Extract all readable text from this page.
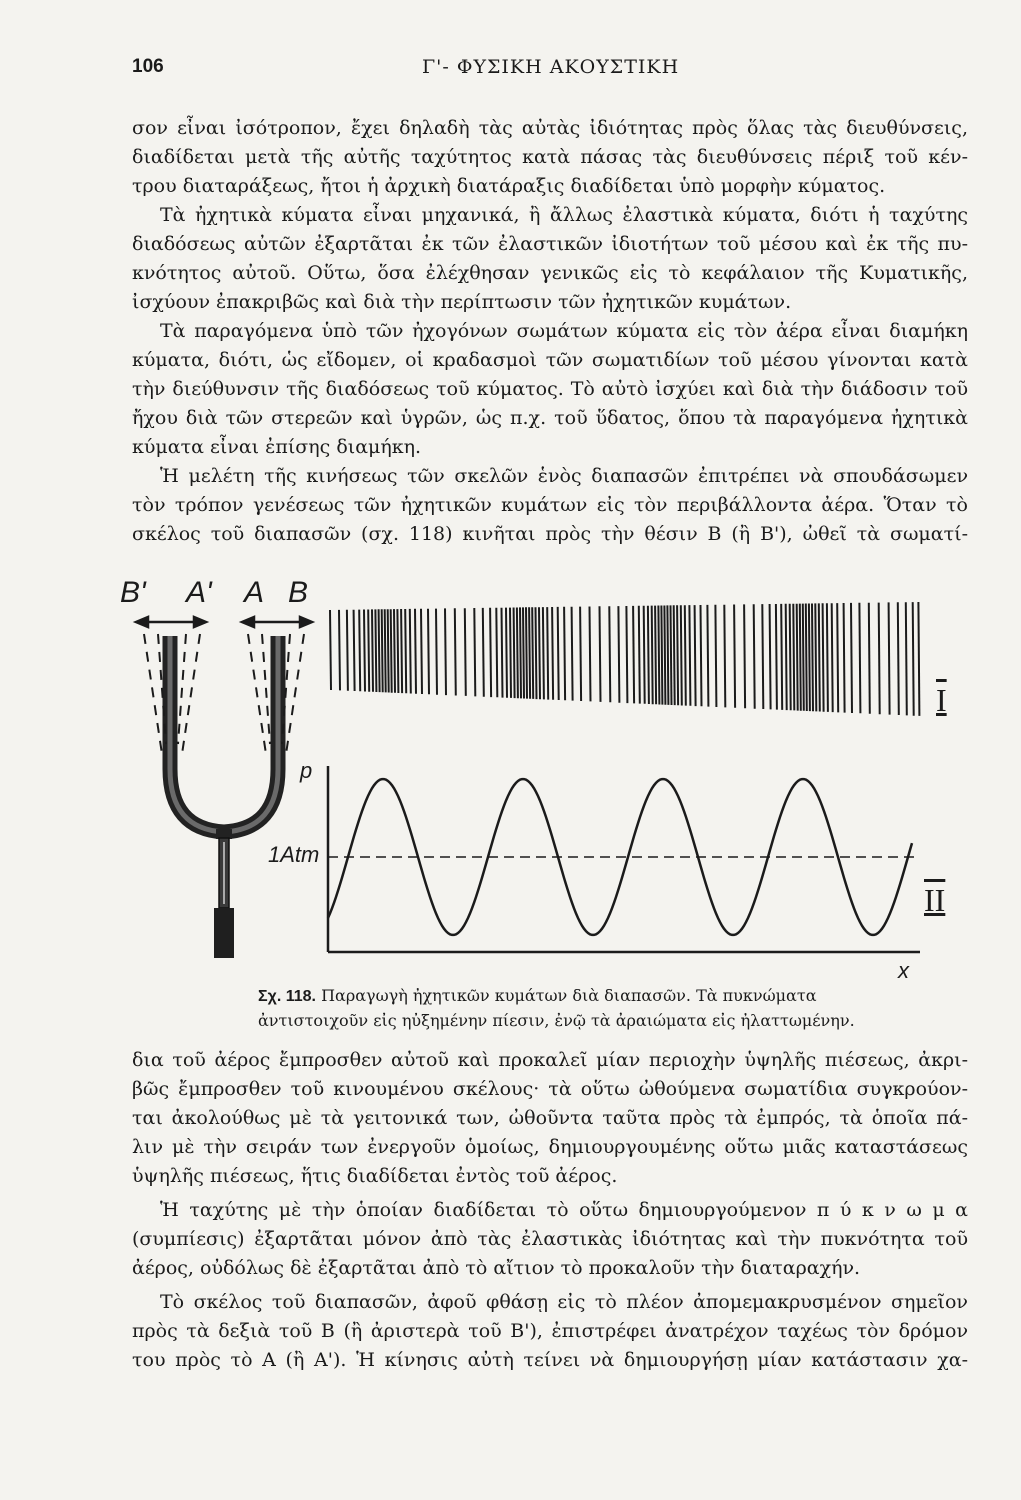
106	Γ'- ΦΥΣΙΚΗ ΑΚΟΥΣΤΙΚΗ
σον εἶναι ἰσότροπον, ἔχει δηλαδὴ τὰς αὐτὰς ἰδιότητας πρὸς ὅλας τὰς διευθύνσεις,
διαδίδεται μετὰ τῆς αὐτῆς ταχύτητος κατὰ πάσας τὰς διευθύνσεις πέριξ τοῦ κέν-
τρου διαταράξεως, ἤτοι ἡ ἀρχικὴ διατάραξις διαδίδεται ὑπὸ μορφὴν κύματος.
Τὰ ἠχητικὰ κύματα εἶναι μηχανικά, ἢ ἄλλως ἐλαστικὰ κύματα, διότι ἡ ταχύτης
διαδόσεως αὐτῶν ἐξαρτᾶται ἐκ τῶν ἐλαστικῶν ἰδιοτήτων τοῦ μέσου καὶ ἐκ τῆς πυ-
κνότητος αὐτοῦ. Οὕτω, ὅσα ἐλέχθησαν γενικῶς εἰς τὸ κεφάλαιον τῆς Κυματικῆς,
ἰσχύουν ἐπακριβῶς καὶ διὰ τὴν περίπτωσιν τῶν ἠχητικῶν κυμάτων.
Τὰ παραγόμενα ὑπὸ τῶν ἠχογόνων σωμάτων κύματα εἰς τὸν ἀέρα εἶναι διαμήκη
κύματα, διότι, ὡς εἴδομεν, οἱ κραδασμοὶ τῶν σωματιδίων τοῦ μέσου γίνονται κατὰ
τὴν διεύθυνσιν τῆς διαδόσεως τοῦ κύματος. Τὸ αὐτὸ ἰσχύει καὶ διὰ τὴν διάδοσιν τοῦ
ἤχου διὰ τῶν στερεῶν καὶ ὑγρῶν, ὡς π.χ. τοῦ ὕδατος, ὅπου τὰ παραγόμενα ἠχητικὰ
κύματα εἶναι ἐπίσης διαμήκη.
Ἡ μελέτη τῆς κινήσεως τῶν σκελῶν ἑνὸς διαπασῶν ἐπιτρέπει νὰ σπουδάσωμεν
τὸν τρόπον γενέσεως τῶν ἠχητικῶν κυμάτων εἰς τὸν περιβάλλοντα ἀέρα. Ὅταν τὸ
σκέλος τοῦ διαπασῶν (σχ. 118) κινῆται πρὸς τὴν θέσιν Β (ἢ Β'), ὠθεῖ τὰ σωματί-
B' A' A B
p
1Atm
x
I
II
Σχ. 118. Παραγωγὴ ἠχητικῶν κυμάτων διὰ διαπασῶν. Τὰ πυκνώματα
ἀντιστοιχοῦν εἰς ηὐξημένην πίεσιν, ἐνῷ τὰ ἀραιώματα εἰς ἠλαττωμένην.
δια τοῦ ἀέρος ἔμπροσθεν αὐτοῦ καὶ προκαλεῖ μίαν περιοχὴν ὑψηλῆς πιέσεως, ἀκρι-
βῶς ἔμπροσθεν τοῦ κινουμένου σκέλους· τὰ οὕτω ὠθούμενα σωματίδια συγκρούον-
ται ἀκολούθως μὲ τὰ γειτονικά των, ὠθοῦντα ταῦτα πρὸς τὰ ἐμπρός, τὰ ὁποῖα πά-
λιν μὲ τὴν σειράν των ἐνεργοῦν ὁμοίως, δημιουργουμένης οὕτω μιᾶς καταστάσεως
ὑψηλῆς πιέσεως, ἥτις διαδίδεται ἐντὸς τοῦ ἀέρος.
Ἡ ταχύτης μὲ τὴν ὁποίαν διαδίδεται τὸ οὕτω δημιουργούμενον π ύ κ ν ω μ α
(συμπίεσις) ἐξαρτᾶται μόνον ἀπὸ τὰς ἐλαστικὰς ἰδιότητας καὶ τὴν πυκνότητα τοῦ
ἀέρος, οὐδόλως δὲ ἐξαρτᾶται ἀπὸ τὸ αἴτιον τὸ προκαλοῦν τὴν διαταραχήν.
Τὸ σκέλος τοῦ διαπασῶν, ἀφοῦ φθάσῃ εἰς τὸ πλέον ἀπομεμακρυσμένον σημεῖον
πρὸς τὰ δεξιὰ τοῦ Β (ἢ ἀριστερὰ τοῦ Β'), ἐπιστρέφει ἀνατρέχον ταχέως τὸν δρόμον
του πρὸς τὸ Α (ἢ Α'). Ἡ κίνησις αὐτὴ τείνει νὰ δημιουργήσῃ μίαν κατάστασιν χα-
